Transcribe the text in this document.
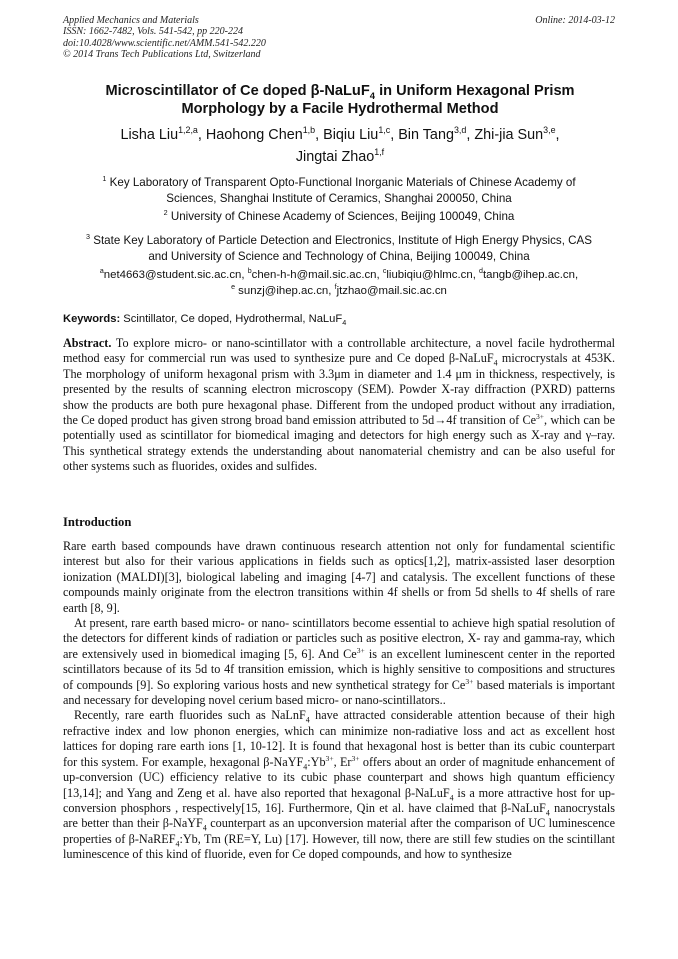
Applied Mechanics and Materials
ISSN: 1662-7482, Vols. 541-542, pp 220-224
doi:10.4028/www.scientific.net/AMM.541-542.220
© 2014 Trans Tech Publications Ltd, Switzerland
Online: 2014-03-12
Microscintillator of Ce doped β-NaLuF$_4$ in Uniform Hexagonal Prism
Morphology by a Facile Hydrothermal Method
Lisha Liu$^{1,2,a}$, Haohong Chen$^{1,b}$, Biqiu Liu$^{1,c}$, Bin Tang$^{3,d}$, Zhi-jia Sun$^{3,e}$,
Jingtai Zhao$^{1,f}$
$^1$ Key Laboratory of Transparent Opto-Functional Inorganic Materials of Chinese Academy of
Sciences, Shanghai Institute of Ceramics, Shanghai 200050, China
$^2$ University of Chinese Academy of Sciences, Beijing 100049, China
$^3$ State Key Laboratory of Particle Detection and Electronics, Institute of High Energy Physics, CAS
and University of Science and Technology of China, Beijing 100049, China
$^a$net4663@student.sic.ac.cn, $^b$chen-h-h@mail.sic.ac.cn, $^c$liubiqiu@hlmc.cn, $^d$tangb@ihep.ac.cn,
$^e$ sunzj@ihep.ac.cn, $^f$jtzhao@mail.sic.ac.cn
Keywords: Scintillator, Ce doped, Hydrothermal, NaLuF$_4$
Abstract. To explore micro- or nano-scintillator with a controllable architecture, a novel facile hydrothermal method easy for commercial run was used to synthesize pure and Ce doped β-NaLuF$_4$ microcrystals at 453K. The morphology of uniform hexagonal prism with 3.3μm in diameter and 1.4 μm in thickness, respectively, is presented by the results of scanning electron microscopy (SEM). Powder X-ray diffraction (PXRD) patterns show the products are both pure hexagonal phase. Different from the undoped product without any irradiation, the Ce doped product has given strong broad band emission attributed to 5d→4f transition of $Ce^{3+}$, which can be potentially used as scintillator for biomedical imaging and detectors for high energy such as X-ray and γ–ray. This synthetical strategy extends the understanding about nanomaterial chemistry and can be also useful for other systems such as fluorides, oxides and sulfides.
Introduction

Rare earth based compounds have drawn continuous research attention not only for fundamental scientific interest but also for their various applications in fields such as optics[1,2], matrix-assisted laser desorption ionization (MALDI)[3], biological labeling and imaging [4-7] and catalysis. The excellent functions of these compounds mainly originate from the electron transitions within 4f shells or from 5d shells to 4f shells of rare earth [8, 9].

At present, rare earth based micro- or nano- scintillators become essential to achieve high spatial resolution of the detectors for different kinds of radiation or particles such as positive electron, X- ray and gamma-ray, which are extensively used in biomedical imaging [5, 6]. And $Ce^{3+}$ is an excellent luminescent center in the reported scintillators because of its 5d to 4f transition emission, which is highly sensitive to compositions and structures of compounds [9]. So exploring various hosts and new synthetical strategy for $Ce^{3+}$ based materials is important and necessary for developing novel cerium based micro- or nano-scintillators..

Recently, rare earth fluorides such as NaLnF$_4$ have attracted considerable attention because of their high refractive index and low phonon energies, which can minimize non-radiative loss and act as excellent host lattices for doping rare earth ions [1, 10-12]. It is found that hexagonal host is better than its cubic counterpart for this system. For example, hexagonal $\beta-NaYF_4:Yb^{3+}$, $Er^{3+}$ offers about an order of magnitude enhancement of up-conversion (UC) efficiency relative to its cubic phase counterpart and shows high quantum efficiency [13,14]; and Yang and Zeng et al. have also reported that hexagonal β-NaLuF$_4$ is a more attractive host for up-conversion phosphors , respectively[15, 16]. Furthermore, Qin et al. have claimed that β-NaLuF$_4$ nanocrystals are better than their β-NaYF$_4$ counterpart as an upconversion material after the comparison of UC luminescence properties of β-NaREF$_4$:Yb, Tm (RE=Y, Lu) [17]. However, till now, there are still few studies on the scintillant luminescence of this kind of fluoride, even for Ce doped compounds, and how to synthesize
